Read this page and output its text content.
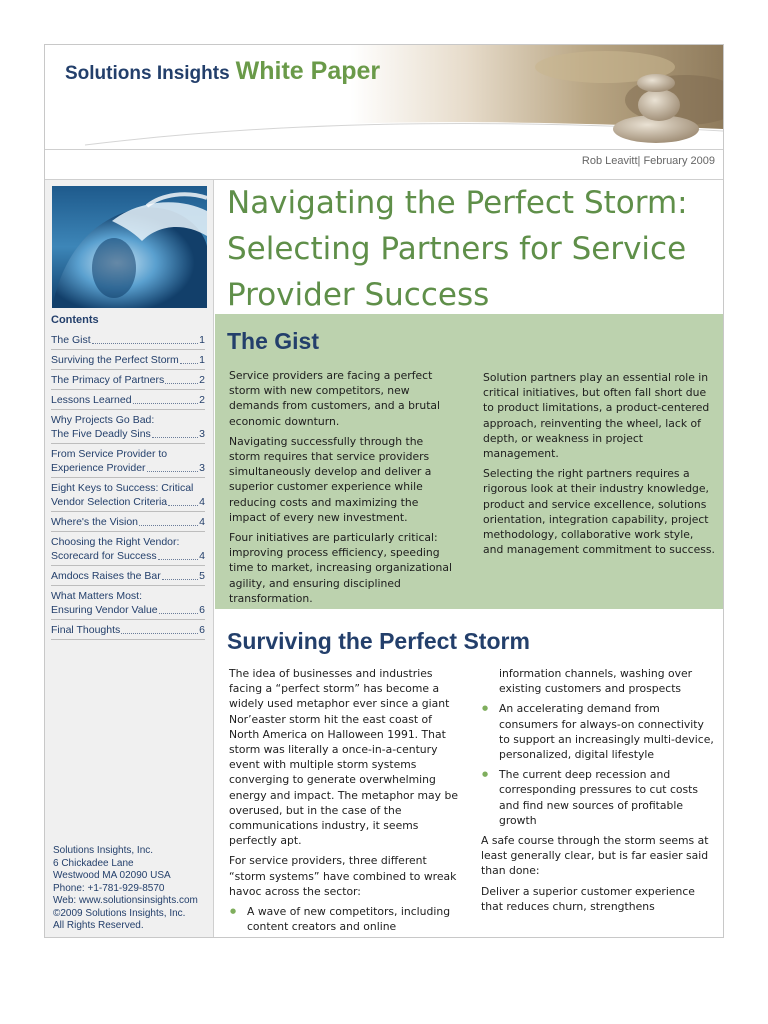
Solutions Insights White Paper
Rob Leavitt| February 2009
Contents
The Gist	1
Surviving the Perfect Storm 1
The Primacy of Partners	2
Lessons Learned	2
Why Projects Go Bad:
The Five Deadly Sins	3
From Service Provider to
Experience Provider	3
Eight Keys to Success: Critical
Vendor Selection Criteria	4
Where's the Vision	4
Choosing the Right Vendor:
Scorecard for Success	4
Amdocs Raises the Bar	5
What Matters Most:
Ensuring Vendor Value	6
Final Thoughts	6
Solutions Insights, Inc.
6 Chickadee Lane
Westwood MA 02090 USA
Phone: +1-781-929-8570
Web: www.solutionsinsights.com
©2009 Solutions Insights, Inc.
All Rights Reserved.
Navigating the Perfect Storm: Selecting Partners for Service Provider Success
The Gist

Service providers are facing a perfect storm with new competitors, new demands from customers, and a brutal economic downturn.

Navigating successfully through the storm requires that service providers simultaneously develop and deliver a superior customer experience while reducing costs and maximizing the impact of every new investment.

Four initiatives are particularly critical: improving process efficiency, speeding time to market, increasing organizational agility, and ensuring disciplined transformation.

Solution partners play an essential role in critical initiatives, but often fall short due to product limitations, a product-centered approach, reinventing the wheel, lack of depth, or weakness in project management.

Selecting the right partners requires a rigorous look at their industry knowledge, product and service excellence, solutions orientation, integration capability, project methodology, collaborative work style, and management commitment to success.

Surviving the Perfect Storm

The idea of businesses and industries facing a “perfect storm” has become a widely used metaphor ever since a giant Nor’easter storm hit the east coast of North America on Halloween 1991. That storm was literally a once-in-a-century event with multiple storm systems converging to generate overwhelming energy and impact. The metaphor may be overused, but in the case of the communications industry, it seems perfectly apt.

For service providers, three different “storm systems” have combined to wreak havoc across the sector:

● A wave of new competitors, including content creators and online

information channels, washing over existing customers and prospects

● An accelerating demand from consumers for always-on connectivity to support an increasingly multi-device, personalized, digital lifestyle

● The current deep recession and corresponding pressures to cut costs and find new sources of profitable growth

A safe course through the storm seems at least generally clear, but is far easier said than done:

Deliver a superior customer experience that reduces churn, strengthens
